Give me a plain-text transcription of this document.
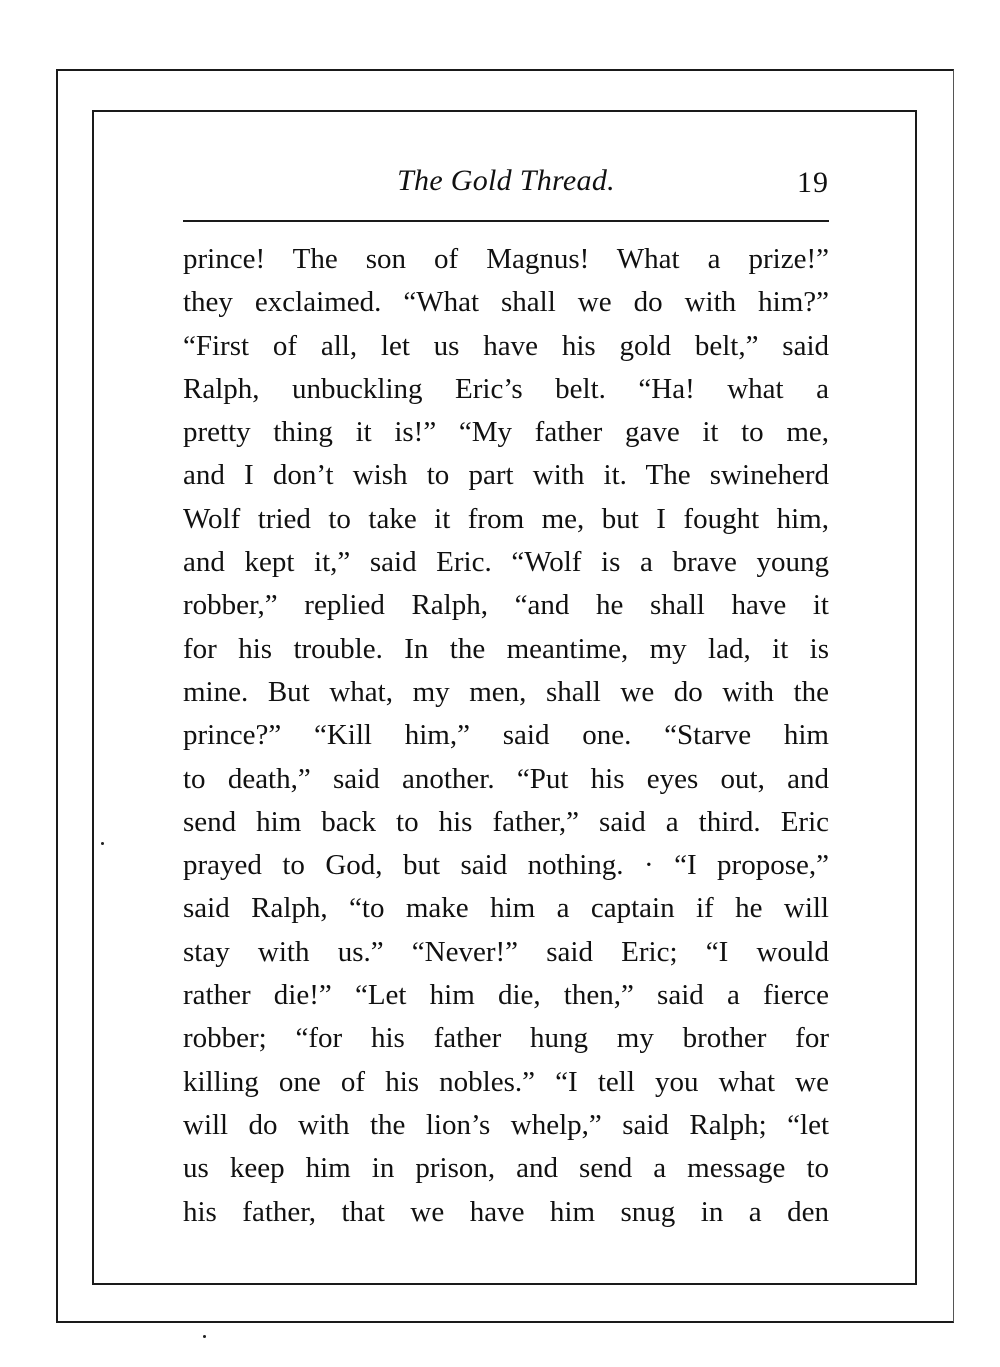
The Gold Thread.	19
prince! The son of Magnus! What a prize!”
they exclaimed. “What shall we do with him?”
“First of all, let us have his gold belt,” said
Ralph, unbuckling Eric’s belt. “Ha! what a
pretty thing it is!” “My father gave it to me,
and I don’t wish to part with it. The swineherd
Wolf tried to take it from me, but I fought him,
and kept it,” said Eric. “Wolf is a brave young
robber,” replied Ralph, “and he shall have it
for his trouble. In the meantime, my lad, it is
mine. But what, my men, shall we do with the
prince?” “Kill him,” said one. “Starve him
to death,” said another. “Put his eyes out, and
send him back to his father,” said a third. Eric
prayed to God, but said nothing. · “I propose,”
said Ralph, “to make him a captain if he will
stay with us.” “Never!” said Eric; “I would
rather die!” “Let him die, then,” said a fierce
robber; “for his father hung my brother for
killing one of his nobles.” “I tell you what we
will do with the lion’s whelp,” said Ralph; “let
us keep him in prison, and send a message to
his father, that we have him snug in a den
